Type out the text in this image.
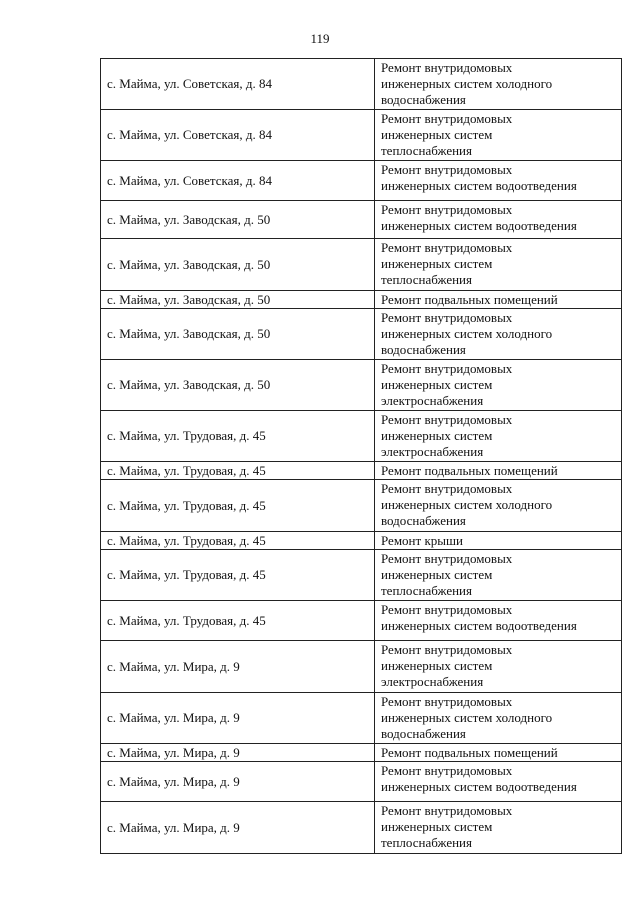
119
с. Майма, ул. Советская, д. 84	Ремонт внутридомовых
инженерных систем холодного
водоснабжения

с. Майма, ул. Советская, д. 84	Ремонт внутридомовых
инженерных систем
теплоснабжения

с. Майма, ул. Советская, д. 84	Ремонт внутридомовых
инженерных систем водоотведения

с. Майма, ул. Заводская, д. 50	Ремонт внутридомовых
инженерных систем водоотведения

с. Майма, ул. Заводская, д. 50	Ремонт внутридомовых
инженерных систем
теплоснабжения

с. Майма, ул. Заводская, д. 50	Ремонт подвальных помещений

с. Майма, ул. Заводская, д. 50	Ремонт внутридомовых
инженерных систем холодного
водоснабжения

с. Майма, ул. Заводская, д. 50	Ремонт внутридомовых
инженерных систем
электроснабжения

с. Майма, ул. Трудовая, д. 45	Ремонт внутридомовых
инженерных систем
электроснабжения

с. Майма, ул. Трудовая, д. 45	Ремонт подвальных помещений

с. Майма, ул. Трудовая, д. 45	Ремонт внутридомовых
инженерных систем холодного
водоснабжения

с. Майма, ул. Трудовая, д. 45	Ремонт крыши

с. Майма, ул. Трудовая, д. 45	Ремонт внутридомовых
инженерных систем
теплоснабжения

с. Майма, ул. Трудовая, д. 45	Ремонт внутридомовых
инженерных систем водоотведения

с. Майма, ул. Мира, д. 9	Ремонт внутридомовых
инженерных систем
электроснабжения

с. Майма, ул. Мира, д. 9	Ремонт внутридомовых
инженерных систем холодного
водоснабжения

с. Майма, ул. Мира, д. 9	Ремонт подвальных помещений

с. Майма, ул. Мира, д. 9	Ремонт внутридомовых
инженерных систем водоотведения

с. Майма, ул. Мира, д. 9	Ремонт внутридомовых
инженерных систем
теплоснабжения
